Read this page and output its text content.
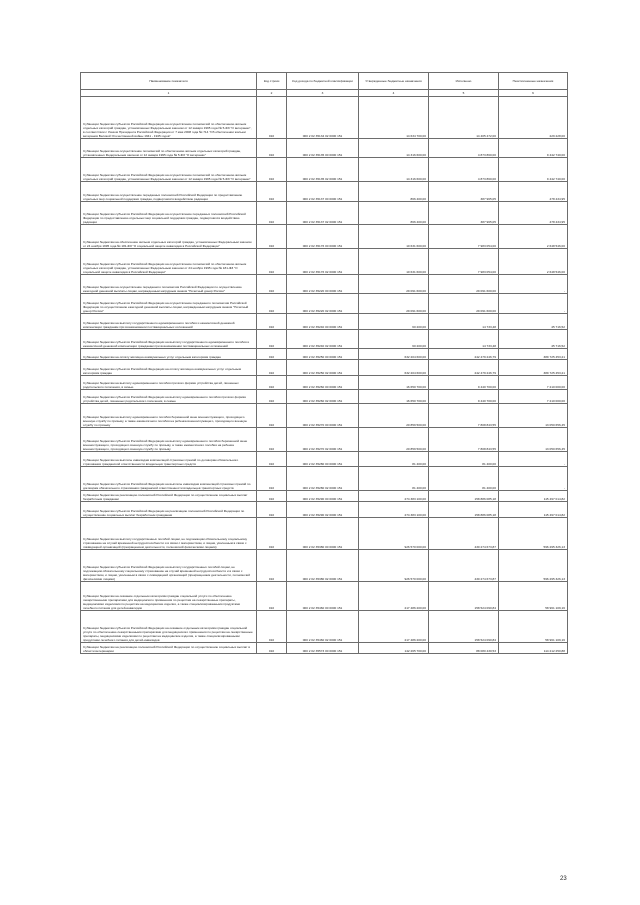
Наименование показателя	Код строки	Код дохода по бюджетной классификации	Утвержденные бюджетные назначения	Исполнено	Неисполненные назначения
1	2	3	4	5	6
Субвенции бюджетам субъектов Российской Федерации на осуществление полномочий по обеспечению жильем отдельных категорий граждан, установленных Федеральным законом от 12 января 1995 года № 5-ФЗ "О ветеранах", в соответствии с Указом Президента Российской Федерации от 7 мая 2008 года № 714 "Об обеспечении жильем ветеранов Великой Отечественной войны 1941 - 1945 годов"	010	000 2 02 35134 02 0000 151	14 634 700,00	14 405 472,00	229 228,00
Субвенции бюджетам на осуществление полномочий по обеспечению жильем отдельных категорий граждан, установленных Федеральным законом от 12 января 1995 года № 5-ФЗ "О ветеранах"	010	000 2 02 35135 00 0000 151	14 316 600,00	4 873 860,00	9 442 740,00
Субвенции бюджетам субъектов Российской Федерации на осуществление полномочий по обеспечению жильем отдельных категорий граждан, установленных Федеральным законом от 12 января 1995 года № 5-ФЗ "О ветеранах"	010	000 2 02 35135 02 0000 151	14 316 600,00	4 873 860,00	9 442 740,00
Субвенции бюджетам на осуществление переданных полномочий Российской Федерации по предоставлению отдельных мер социальной поддержки граждан, подвергшихся воздействию радиации	010	000 2 02 35137 00 0000 151	866 400,00	387 965,05	478 434,95
Субвенции бюджетам субъектов Российской Федерации на осуществление переданных полномочий Российской Федерации по предоставлению отдельных мер социальной поддержки граждан, подвергшихся воздействию радиации	010	000 2 02 35137 02 0000 151	866 400,00	387 965,05	478 434,95
Субвенции бюджетам на обеспечение жильем отдельных категорий граждан, установленных Федеральным законом от 24 ноября 1995 года № 181-ФЗ "О социальной защите инвалидов в Российской Федерации"	010	000 2 02 35176 00 0000 151	10 631 600,00	7 983 054,00	2 648 546,00
Субвенции бюджетам субъектов Российской Федерации на осуществление полномочий по обеспечению жильем отдельных категорий граждан, установленных Федеральным законом от 24 ноября 1995 года № 181-ФЗ "О социальной защите инвалидов в Российской Федерации"	010	000 2 02 35176 02 0000 151	10 631 600,00	7 983 054,00	2 648 546,00
Субвенции бюджетам на осуществление переданного полномочия Российской Федерации по осуществлению ежегодной денежной выплаты лицам, награжденным нагрудным знаком "Почетный донор России"	010	000 2 02 35220 00 0000 151	29 091 600,00	29 091 600,00	-
Субвенции бюджетам субъектов Российской Федерации на осуществление переданного полномочия Российской Федерации по осуществлению ежегодной денежной выплаты лицам, награжденным нагрудным знаком "Почетный донор России"	010	000 2 02 35220 02 0000 151	29 091 600,00	29 091 600,00	-
Субвенции бюджетам на выплату государственного единовременного пособия и ежемесячной денежной компенсации гражданам при возникновении поствакцинальных осложнений	010	000 2 02 35240 00 0000 151	60 200,00	14 733,48	45 716,52
Субвенции бюджетам субъектов Российской Федерации на выплату государственного единовременного пособия и ежемесячной денежной компенсации гражданам при возникновении поствакцинальных осложнений	010	000 2 02 35240 02 0000 151	60 200,00	14 733,48	45 716,52
Субвенции бюджетам на оплату жилищно-коммунальных услуг отдельным категориям граждан	010	000 2 02 35250 00 0000 151	632 204 600,00	242 479 246,79	389 725 453,21
Субвенции бюджетам субъектов Российской Федерации на оплату жилищно-коммунальных услуг отдельным категориям граждан	010	000 2 02 35250 02 0000 151	632 204 600,00	242 479 246,79	389 725 453,21
Субвенции бюджетам на выплату единовременного пособия при всех формах устройства детей, лишенных родительского попечения, в семью	010	000 2 02 35260 00 0000 151	16 650 700,00	9 440 700,00	7 210 000,00
Субвенции бюджетам субъектов Российской Федерации на выплату единовременного пособия при всех формах устройства детей, лишенных родительского попечения, в семью	010	000 2 02 35260 02 0000 151	16 650 700,00	9 440 700,00	7 210 000,00
Субвенции бюджетам на выплату единовременного пособия беременной жене военнослужащего, проходящего военную службу по призыву, а также ежемесячного пособия на ребенка военнослужащего, проходящего военную службу по призыву	010	000 2 02 35270 00 0000 151	20 859 500,00	7 808 843,55	13 050 656,45
Субвенции бюджетам субъектов Российской Федерации на выплату единовременного пособия беременной жене военнослужащего, проходящего военную службу по призыву, а также ежемесячного пособия на ребенка военнослужащего, проходящего военную службу по призыву	010	000 2 02 35270 02 0000 151	20 859 500,00	7 808 843,55	13 050 656,45
Субвенции бюджетам на выплаты инвалидам компенсаций страховых премий по договорам обязательного страхования гражданской ответственности владельцев транспортных средств	010	000 2 02 35280 00 0000 151	81 400,00	81 400,00	-
Субвенции бюджетам субъектов Российской Федерации на выплаты инвалидам компенсаций страховых премий по договорам обязательного страхования гражданской ответственности владельцев транспортных средств	010	000 2 02 35280 02 0000 151	81 400,00	81 400,00	-
Субвенции бюджетам на реализацию полномочий Российской Федерации по осуществлению социальных выплат безработным гражданам	010	000 2 02 35290 00 0000 151	274 383 100,00	158 886 085,18	115 497 014,82
Субвенции бюджетам субъектов Российской Федерации на реализацию полномочий Российской Федерации по осуществлению социальных выплат безработным гражданам	010	000 2 02 35290 02 0000 151	274 383 100,00	158 886 085,18	115 497 014,82
Субвенции бюджетам на выплату государственных пособий лицам, не подлежащим обязательному социальному страхованию на случай временной нетрудоспособности и в связи с материнством, и лицам, уволенным в связи с ликвидацией организаций (прекращением деятельности, полномочий физическими лицами)	010	000 2 02 35380 00 0000 151	926 570 000,00	430 274 673,87	596 295 326,13
Субвенции бюджетам субъектов Российской Федерации на выплату государственных пособий лицам, не подлежащим обязательному социальному страхованию на случай временной нетрудоспособности и в связи с материнством, и лицам, уволенным в связи с ликвидацией организаций (прекращением деятельности, полномочий физическими лицами)	010	000 2 02 35380 02 0000 151	926 570 000,00	430 274 673,87	596 295 326,13
Субвенции бюджетам на оказание отдельным категориям граждан социальной услуги по обеспечению лекарственными препаратами для медицинского применения по рецептам на лекарственные препараты, медицинскими изделиями по рецептам на медицинские изделия, а также специализированными продуктами лечебного питания для детей-инвалидов	010	000 2 02 35460 00 0000 151	217 486 200,00	158 524 090,84	58 961 109,16
Субвенции бюджетам субъектов Российской Федерации на оказание отдельным категориям граждан социальной услуги по обеспечению лекарственными препаратами для медицинского применения по рецептам на лекарственные препараты, медицинскими изделиями по рецептам на медицинские изделия, а также специализированными продуктами лечебного питания для детей-инвалидов	010	000 2 02 35460 02 0000 151	217 486 200,00	158 524 090,84	58 961 109,16
Субвенции бюджетам на реализацию полномочий Российской Федерации по осуществлению социальных выплат в области ветеринарии	010	000 2 02 35573 00 0000 151	142 265 700,00	88 080 430,53	114 212 250,88
23
